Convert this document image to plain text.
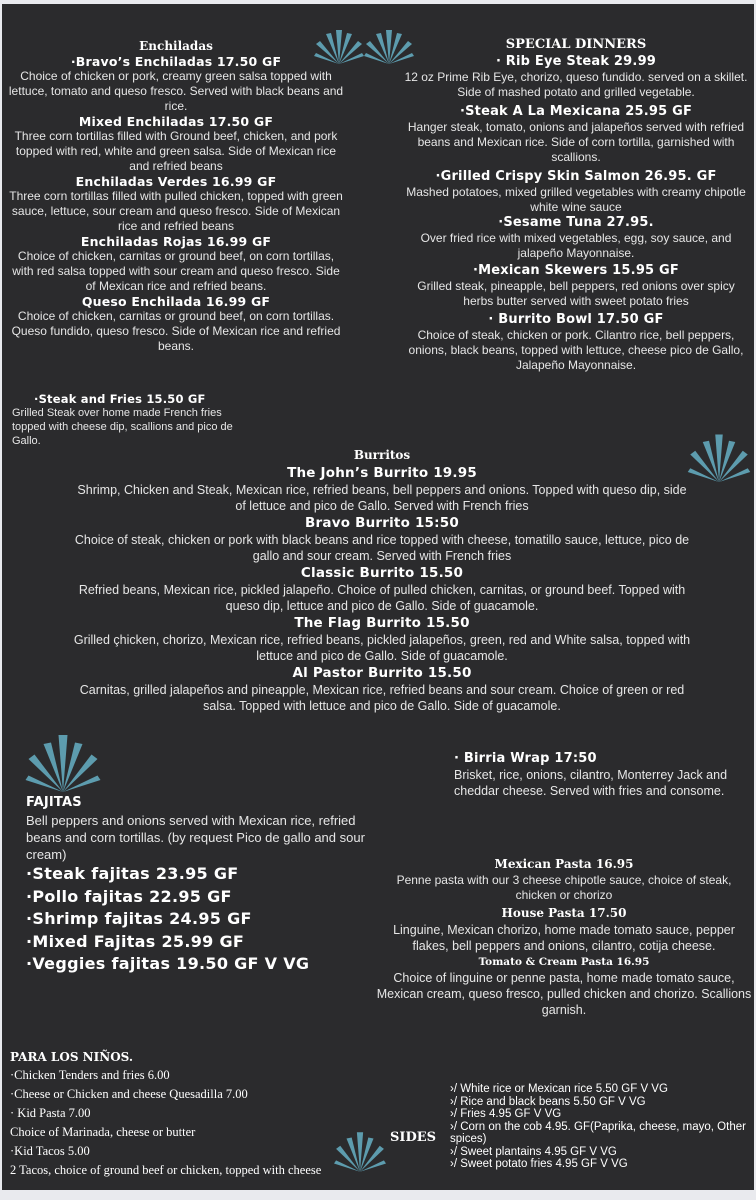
Enchiladas
·Bravo’s Enchiladas 17.50 GF
Choice of chicken or pork, creamy green salsa topped with lettuce, tomato and queso fresco. Served with black beans and rice.
Mixed Enchiladas 17.50 GF
Three corn tortillas filled with Ground beef, chicken, and pork topped with red, white and green salsa. Side of Mexican rice and refried beans
Enchiladas Verdes 16.99 GF
Three corn tortillas filled with pulled chicken, topped with green sauce, lettuce, sour cream and queso fresco. Side of Mexican rice and refried beans
Enchiladas Rojas 16.99 GF
Choice of chicken, carnitas or ground beef, on corn tortillas, with red salsa topped with sour cream and queso fresco. Side of Mexican rice and refried beans.
Queso Enchilada 16.99 GF
Choice of chicken, carnitas or ground beef, on corn tortillas. Queso fundido, queso fresco. Side of Mexican rice and refried beans.
SPECIAL DINNERS
· Rib Eye Steak 29.99
12 oz Prime Rib Eye, chorizo, queso fundido. served on a skillet. Side of mashed potato and grilled vegetable.
·Steak A La Mexicana 25.95 GF
Hanger steak, tomato, onions and jalapeños served with refried beans and Mexican rice. Side of corn tortilla, garnished with scallions.
·Grilled Crispy Skin Salmon 26.95. GF
Mashed potatoes, mixed grilled vegetables with creamy chipotle white wine sauce
·Sesame Tuna 27.95.
Over fried rice with mixed vegetables, egg, soy sauce, and jalapeño Mayonnaise.
·Mexican Skewers 15.95 GF
Grilled steak, pineapple, bell peppers, red onions over spicy herbs butter served with sweet potato fries
· Burrito Bowl 17.50 GF
Choice of steak, chicken or pork. Cilantro rice, bell peppers, onions, black beans, topped with lettuce, cheese pico de Gallo, Jalapeño Mayonnaise.
·Steak and Fries 15.50 GF
Grilled Steak over home made French fries topped with cheese dip, scallions and pico de Gallo.
Burritos
The John’s Burrito 19.95
Shrimp, Chicken and Steak, Mexican rice, refried beans, bell peppers and onions. Topped with queso dip, side of lettuce and pico de Gallo. Served with French fries
Bravo Burrito 15:50
Choice of steak, chicken or pork with black beans and rice topped with cheese, tomatillo sauce, lettuce, pico de gallo and sour cream. Served with French fries
Classic Burrito 15.50
Refried beans, Mexican rice, pickled jalapeño. Choice of pulled chicken, carnitas, or ground beef. Topped with queso dip, lettuce and pico de Gallo. Side of guacamole.
The Flag Burrito 15.50
Grilled çhicken, chorizo, Mexican rice, refried beans, pickled jalapeños, green, red and White salsa, topped with lettuce and pico de Gallo. Side of guacamole.
Al Pastor Burrito 15.50
Carnitas, grilled jalapeños and pineapple, Mexican rice, refried beans and sour cream. Choice of green or red salsa. Topped with lettuce and pico de Gallo. Side of guacamole.
· Birria Wrap 17:50
Brisket, rice, onions, cilantro, Monterrey Jack and cheddar cheese. Served with fries and consome.
FAJITAS
Bell peppers and onions served with Mexican rice, refried beans and corn tortillas. (by request Pico de gallo and sour cream)
·Steak fajitas 23.95 GF
·Pollo fajitas 22.95 GF
·Shrimp fajitas 24.95 GF
·Mixed Fajitas 25.99 GF
·Veggies fajitas 19.50 GF V VG
Mexican Pasta 16.95
Penne pasta with our 3 cheese chipotle sauce, choice of steak, chicken or chorizo
House Pasta 17.50
Linguine, Mexican chorizo, home made tomato sauce, pepper flakes, bell peppers and onions, cilantro, cotija cheese.
Tomato & Cream Pasta 16.95
Choice of linguine or penne pasta, home made tomato sauce, Mexican cream, queso fresco, pulled chicken and chorizo. Scallions garnish.
PARA LOS NIÑOS.
·Chicken Tenders and fries 6.00
·Cheese or Chicken and cheese Quesadilla 7.00
· Kid Pasta 7.00
Choice of Marinada, cheese or butter
·Kid Tacos 5.00
2 Tacos, choice of ground beef or chicken, topped with cheese
SIDES
›/ White rice or Mexican rice 5.50 GF V VG
›/ Rice and black beans 5.50 GF V VG
›/ Fries 4.95 GF V VG
›/ Corn on the cob 4.95. GF(Paprika, cheese, mayo, Other spices)
›/ Sweet plantains 4.95 GF V VG
›/ Sweet potato fries 4.95 GF V VG
